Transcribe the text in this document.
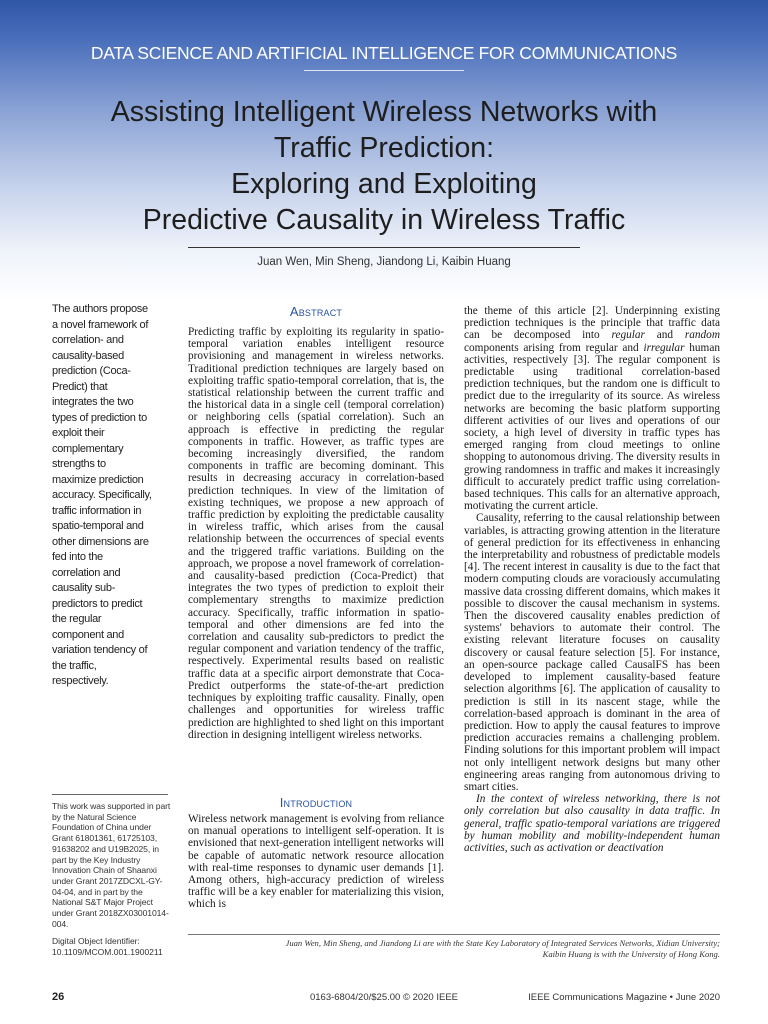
DATA SCIENCE AND ARTIFICIAL INTELLIGENCE FOR COMMUNICATIONS
Assisting Intelligent Wireless Networks with
Traffic Prediction:
Exploring and Exploiting
Predictive Causality in Wireless Traffic
Juan Wen, Min Sheng, Jiandong Li, Kaibin Huang

The authors propose a novel framework of correlation- and causality-based prediction (Coca-Predict) that integrates the two types of prediction to exploit their complementary strengths to maximize prediction accuracy. Specifically, traffic information in spatio-temporal and other dimensions are fed into the correlation and causality sub-predictors to predict the regular component and variation tendency of the traffic, respectively.

This work was supported in part by the Natural Science Foundation of China under Grant 61801361, 61725103, 91638202 and U19B2025, in part by the Key Industry Innovation Chain of Shaanxi under Grant 2017ZDCXL-GY-04-04, and in part by the National S&T Major Project under Grant 2018ZX03001014-004.
Digital Object Identifier:
10.1109/MCOM.001.1900211
Abstract

Predicting traffic by exploiting its regularity in spatio-temporal variation enables intelligent resource provisioning and management in wireless networks. Traditional prediction techniques are largely based on exploiting traffic spatio-temporal correlation, that is, the statistical relationship between the current traffic and the historical data in a single cell (temporal correlation) or neighboring cells (spatial correlation). Such an approach is effective in predicting the regular components in traffic. However, as traffic types are becoming increasingly diversified, the random components in traffic are becoming dominant. This results in decreasing accuracy in correlation-based prediction techniques. In view of the limitation of existing techniques, we propose a new approach of traffic prediction by exploiting the predictable causality in wireless traffic, which arises from the causal relationship between the occurrences of special events and the triggered traffic variations. Building on the approach, we propose a novel framework of correlation- and causality-based prediction (Coca-Predict) that integrates the two types of prediction to exploit their complementary strengths to maximize prediction accuracy. Specifically, traffic information in spatio-temporal and other dimensions are fed into the correlation and causality sub-predictors to predict the regular component and variation tendency of the traffic, respectively. Experimental results based on realistic traffic data at a specific airport demonstrate that Coca-Predict outperforms the state-of-the-art prediction techniques by exploiting traffic causality. Finally, open challenges and opportunities for wireless traffic prediction are highlighted to shed light on this important direction in designing intelligent wireless networks.

Introduction

Wireless network management is evolving from reliance on manual operations to intelligent self-operation. It is envisioned that next-generation intelligent networks will be capable of automatic network resource allocation with real-time responses to dynamic user demands [1]. Among others, high-accuracy prediction of wireless traffic will be a key enabler for materializing this vision, which is

the theme of this article [2]. Underpinning existing prediction techniques is the principle that traffic data can be decomposed into regular and random components arising from regular and irregular human activities, respectively [3]. The regular component is predictable using traditional correlation-based prediction techniques, but the random one is difficult to predict due to the irregularity of its source. As wireless networks are becoming the basic platform supporting different activities of our lives and operations of our society, a high level of diversity in traffic types has emerged ranging from cloud meetings to online shopping to autonomous driving. The diversity results in growing randomness in traffic and makes it increasingly difficult to accurately predict traffic using correlation-based techniques. This calls for an alternative approach, motivating the current article.

Causality, referring to the causal relationship between variables, is attracting growing attention in the literature of general prediction for its effectiveness in enhancing the interpretability and robustness of predictable models [4]. The recent interest in causality is due to the fact that modern computing clouds are voraciously accumulating massive data crossing different domains, which makes it possible to discover the causal mechanism in systems. Then the discovered causality enables prediction of systems' behaviors to automate their control. The existing relevant literature focuses on causality discovery or causal feature selection [5]. For instance, an open-source package called CausalFS has been developed to implement causality-based feature selection algorithms [6]. The application of causality to prediction is still in its nascent stage, while the correlation-based approach is dominant in the area of prediction. How to apply the causal features to improve prediction accuracies remains a challenging problem. Finding solutions for this important problem will impact not only intelligent network designs but many other engineering areas ranging from autonomous driving to smart cities.

In the context of wireless networking, there is not only correlation but also causality in data traffic. In general, traffic spatio-temporal variations are triggered by human mobility and mobility-independent human activities, such as activation or deactivation

Juan Wen, Min Sheng, and Jiandong Li are with the State Key Laboratory of Integrated Services Networks, Xidian University;
Kaibin Huang is with the University of Hong Kong.
26	0163-6804/20/$25.00 © 2020 IEEE	IEEE Communications Magazine • June 2020
